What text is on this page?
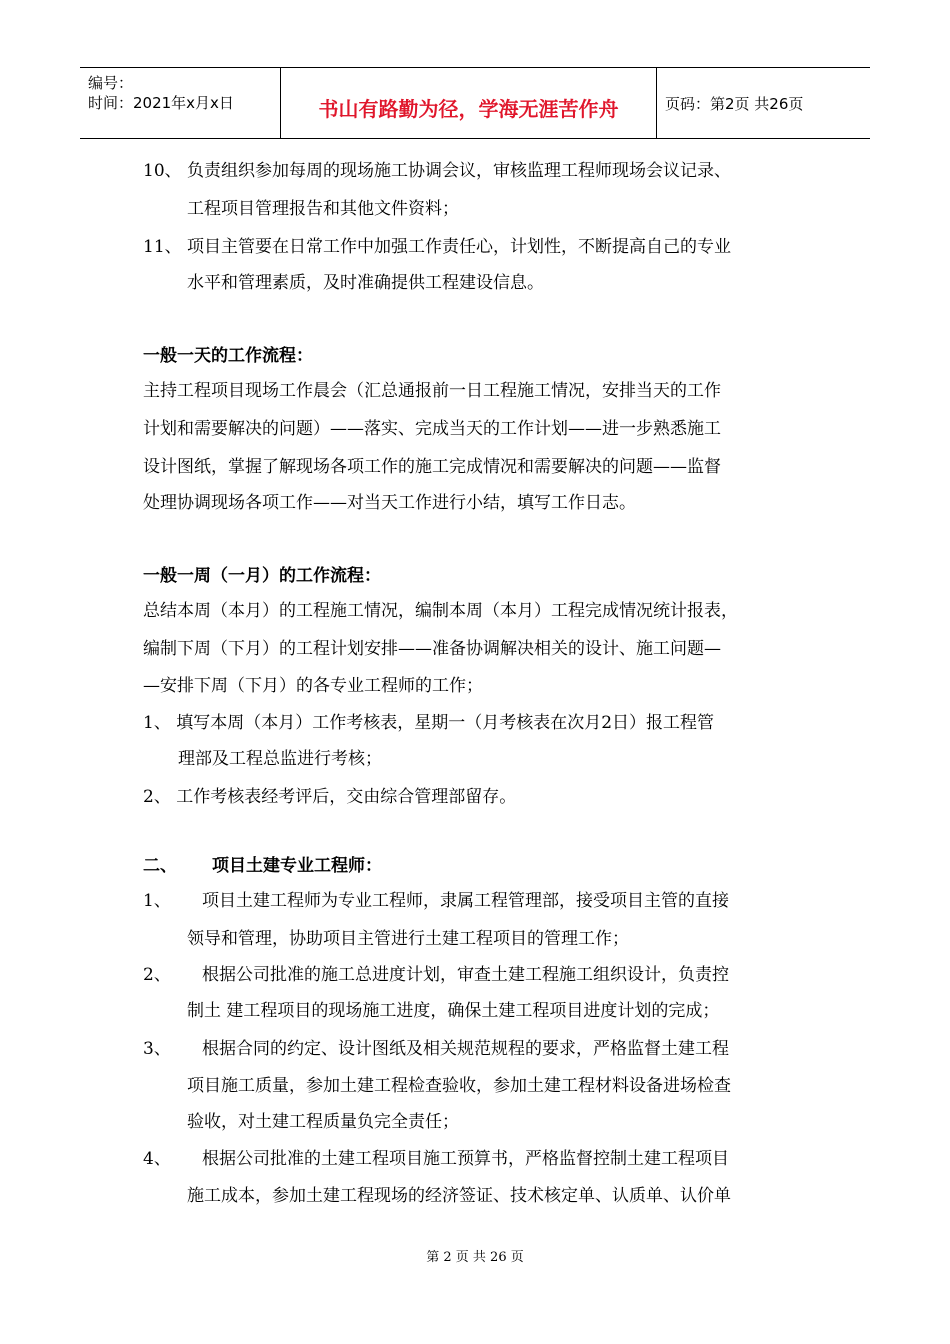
编号：
时间：2021年x月x日	书山有路勤为径，学海无涯苦作舟	页码：第2页 共26页
10、 负责组织参加每周的现场施工协调会议，审核监理工程师现场会议记录、
工程项目管理报告和其他文件资料；
11、 项目主管要在日常工作中加强工作责任心，计划性，不断提高自己的专业
水平和管理素质，及时准确提供工程建设信息。
一般一天的工作流程：
主持工程项目现场工作晨会（汇总通报前一日工程施工情况，安排当天的工作
计划和需要解决的问题）——落实、完成当天的工作计划——进一步熟悉施工
设计图纸，掌握了解现场各项工作的施工完成情况和需要解决的问题——监督
处理协调现场各项工作——对当天工作进行小结，填写工作日志。
一般一周（一月）的工作流程：
总结本周（本月）的工程施工情况，编制本周（本月）工程完成情况统计报表，
编制下周（下月）的工程计划安排——准备协调解决相关的设计、施工问题—
—安排下周（下月）的各专业工程师的工作；
1、 填写本周（本月）工作考核表，星期一（月考核表在次月2日）报工程管
理部及工程总监进行考核；
2、 工作考核表经考评后，交由综合管理部留存。
二、 项目土建专业工程师：
1、 项目土建工程师为专业工程师，隶属工程管理部，接受项目主管的直接
领导和管理，协助项目主管进行土建工程项目的管理工作；
2、 根据公司批准的施工总进度计划，审查土建工程施工组织设计，负责控
制土 建工程项目的现场施工进度，确保土建工程项目进度计划的完成；
3、 根据合同的约定、设计图纸及相关规范规程的要求，严格监督土建工程
项目施工质量，参加土建工程检查验收，参加土建工程材料设备进场检查
验收，对土建工程质量负完全责任；
4、 根据公司批准的土建工程项目施工预算书，严格监督控制土建工程项目
施工成本，参加土建工程现场的经济签证、技术核定单、认质单、认价单
第 2 页 共 26 页
